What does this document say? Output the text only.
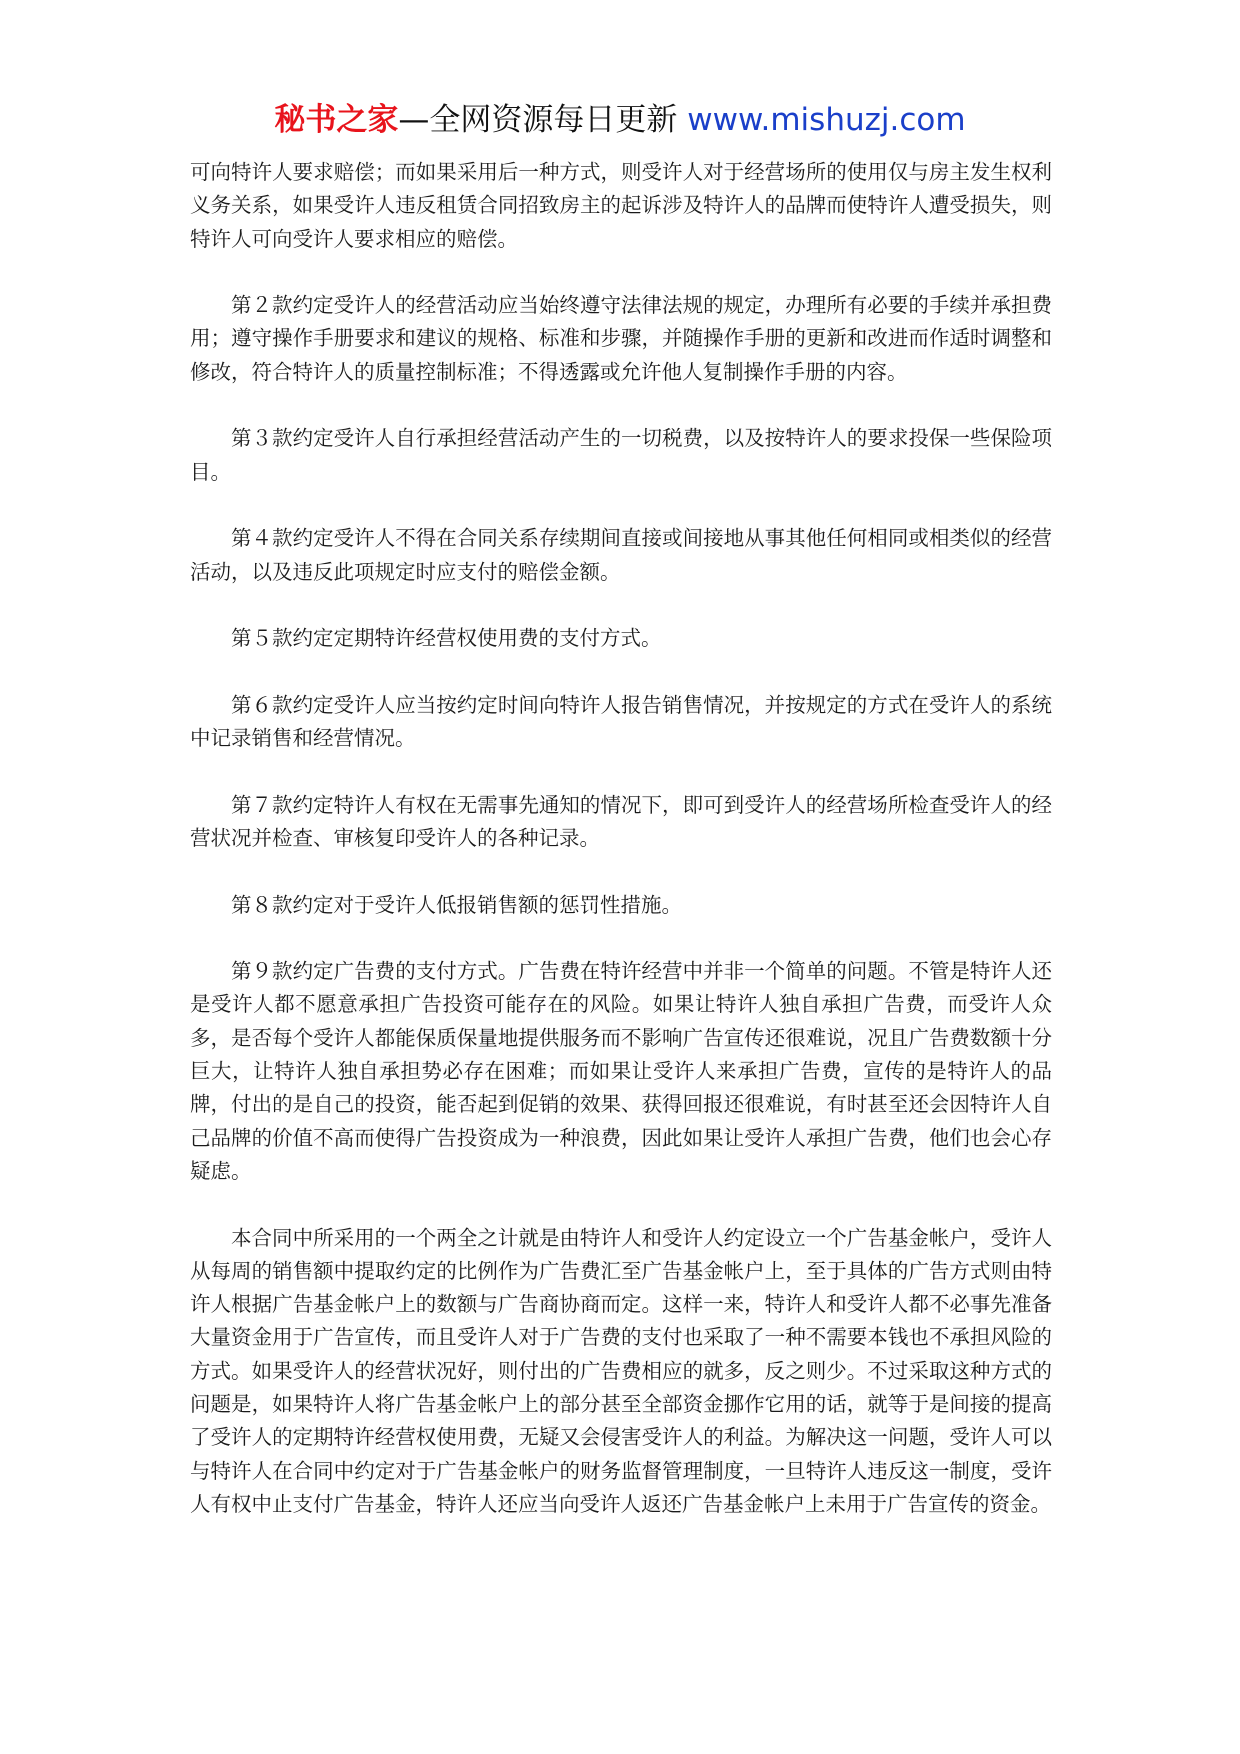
秘书之家—全网资源每日更新 www.mishuzj.com

可向特许人要求赔偿；而如果采用后一种方式，则受许人对于经营场所的使用仅与房主发生权利义务关系，如果受许人违反租赁合同招致房主的起诉涉及特许人的品牌而使特许人遭受损失，则特许人可向受许人要求相应的赔偿。

第２款约定受许人的经营活动应当始终遵守法律法规的规定，办理所有必要的手续并承担费用；遵守操作手册要求和建议的规格、标准和步骤，并随操作手册的更新和改进而作适时调整和修改，符合特许人的质量控制标准；不得透露或允许他人复制操作手册的内容。

第３款约定受许人自行承担经营活动产生的一切税费，以及按特许人的要求投保一些保险项目。

第４款约定受许人不得在合同关系存续期间直接或间接地从事其他任何相同或相类似的经营活动，以及违反此项规定时应支付的赔偿金额。

第５款约定定期特许经营权使用费的支付方式。

第６款约定受许人应当按约定时间向特许人报告销售情况，并按规定的方式在受许人的系统中记录销售和经营情况。

第７款约定特许人有权在无需事先通知的情况下，即可到受许人的经营场所检查受许人的经营状况并检查、审核复印受许人的各种记录。

第８款约定对于受许人低报销售额的惩罚性措施。

第９款约定广告费的支付方式。广告费在特许经营中并非一个简单的问题。不管是特许人还是受许人都不愿意承担广告投资可能存在的风险。如果让特许人独自承担广告费，而受许人众多，是否每个受许人都能保质保量地提供服务而不影响广告宣传还很难说，况且广告费数额十分巨大，让特许人独自承担势必存在困难；而如果让受许人来承担广告费，宣传的是特许人的品牌，付出的是自己的投资，能否起到促销的效果、获得回报还很难说，有时甚至还会因特许人自己品牌的价值不高而使得广告投资成为一种浪费，因此如果让受许人承担广告费，他们也会心存疑虑。

本合同中所采用的一个两全之计就是由特许人和受许人约定设立一个广告基金帐户，受许人从每周的销售额中提取约定的比例作为广告费汇至广告基金帐户上，至于具体的广告方式则由特许人根据广告基金帐户上的数额与广告商协商而定。这样一来，特许人和受许人都不必事先准备大量资金用于广告宣传，而且受许人对于广告费的支付也采取了一种不需要本钱也不承担风险的方式。如果受许人的经营状况好，则付出的广告费相应的就多，反之则少。不过采取这种方式的问题是，如果特许人将广告基金帐户上的部分甚至全部资金挪作它用的话，就等于是间接的提高了受许人的定期特许经营权使用费，无疑又会侵害受许人的利益。为解决这一问题，受许人可以与特许人在合同中约定对于广告基金帐户的财务监督管理制度，一旦特许人违反这一制度，受许人有权中止支付广告基金，特许人还应当向受许人返还广告基金帐户上未用于广告宣传的资金。
